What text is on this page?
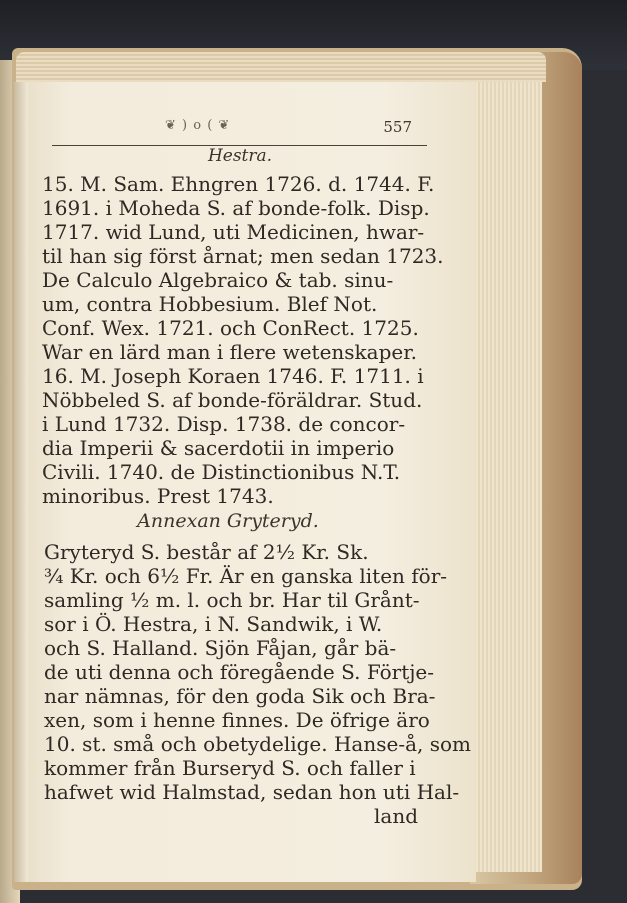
❦ ) o ( ❦	557
Hestra.
15. M. Sam. Ehngren 1726. d. 1744. F.
1691. i Moheda S. af bonde-folk. Disp.
1717. wid Lund, uti Medicinen, hwar-
til han sig först årnat; men sedan 1723.
De Calculo Algebraico & tab. sinu-
um, contra Hobbesium. Blef Not.
Conf. Wex. 1721. och ConRect. 1725.
War en lärd man i flere wetenskaper.
16. M. Joseph Koraen 1746. F. 1711. i
Nöbbeled S. af bonde-föräldrar. Stud.
i Lund 1732. Disp. 1738. de concor-
dia Imperii & sacerdotii in imperio
Civili. 1740. de Distinctionibus N.T.
minoribus. Prest 1743.
Annexan Gryteryd.
Gryteryd S. består af 2½ Kr. Sk.
¾ Kr. och 6½ Fr. Är en ganska liten för-
samling ½ m. l. och br. Har til Grånt-
sor i Ö. Hestra, i N. Sandwik, i W.
och S. Halland. Sjön Fåjan, går bä-
de uti denna och föregående S. Förtje-
nar nämnas, för den goda Sik och Bra-
xen, som i henne finnes. De öfrige äro
10. st. små och obetydelige. Hanse-å, som
kommer från Burseryd S. och faller i
hafwet wid Halmstad, sedan hon uti Hal-
land
